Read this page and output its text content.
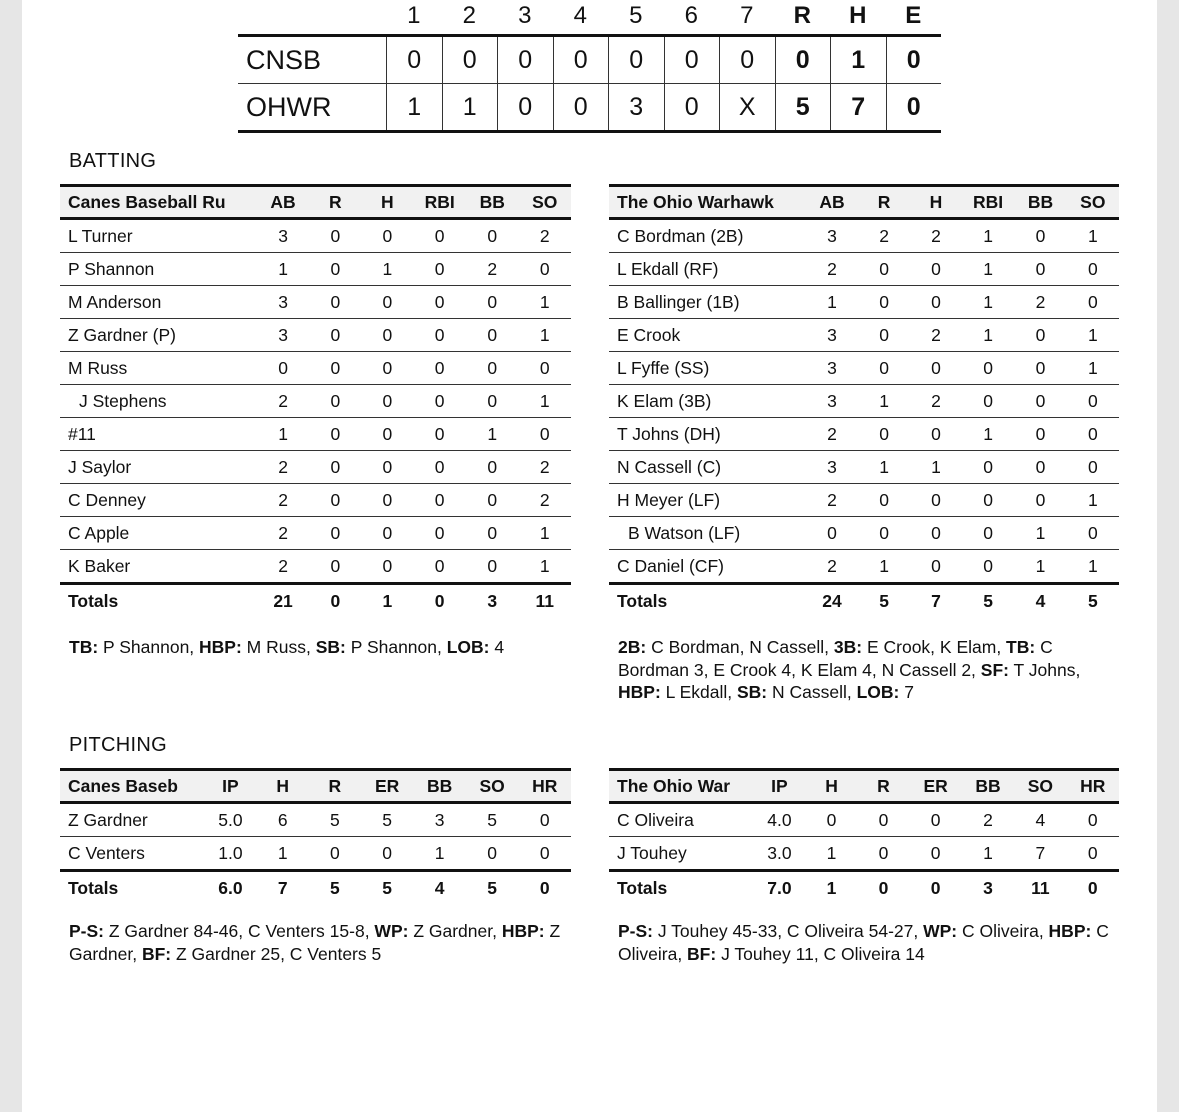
1	2	3	4	5	6	7	R	H	E
CNSB	0	0	0	0	0	0	0	0	1	0
OHWR	1	1	0	0	3	0	X	5	7	0
BATTING
Canes Baseball Ru	AB	R	H	RBI	BB	SO
L Turner	3	0	0	0	0	2
P Shannon	1	0	1	0	2	0
M Anderson	3	0	0	0	0	1
Z Gardner (P)	3	0	0	0	0	1
M Russ	0	0	0	0	0	0
J Stephens	2	0	0	0	0	1
#11	1	0	0	0	1	0
J Saylor	2	0	0	0	0	2
C Denney	2	0	0	0	0	2
C Apple	2	0	0	0	0	1
K Baker	2	0	0	0	0	1
Totals	21	0	1	0	3	11
The Ohio Warhawk	AB	R	H	RBI	BB	SO
C Bordman (2B)	3	2	2	1	0	1
L Ekdall (RF)	2	0	0	1	0	0
B Ballinger (1B)	1	0	0	1	2	0
E Crook	3	0	2	1	0	1
L Fyffe (SS)	3	0	0	0	0	1
K Elam (3B)	3	1	2	0	0	0
T Johns (DH)	2	0	0	1	0	0
N Cassell (C)	3	1	1	0	0	0
H Meyer (LF)	2	0	0	0	0	1
B Watson (LF)	0	0	0	0	1	0
C Daniel (CF)	2	1	0	0	1	1
Totals	24	5	7	5	4	5
TB: P Shannon, HBP: M Russ, SB: P Shannon, LOB: 4	2B: C Bordman, N Cassell, 3B: E Crook, K Elam, TB: C Bordman 3, E Crook 4, K Elam 4, N Cassell 2, SF: T Johns, HBP: L Ekdall, SB: N Cassell, LOB: 7
PITCHING
Canes Baseb	IP	H	R	ER	BB	SO	HR
Z Gardner	5.0	6	5	5	3	5	0
C Venters	1.0	1	0	0	1	0	0
Totals	6.0	7	5	5	4	5	0
The Ohio War	IP	H	R	ER	BB	SO	HR
C Oliveira	4.0	0	0	0	2	4	0
J Touhey	3.0	1	0	0	1	7	0
Totals	7.0	1	0	0	3	11	0
P-S: Z Gardner 84-46, C Venters 15-8, WP: Z Gardner, HBP: Z Gardner, BF: Z Gardner 25, C Venters 5
P-S: J Touhey 45-33, C Oliveira 54-27, WP: C Oliveira, HBP: C Oliveira, BF: J Touhey 11, C Oliveira 14
